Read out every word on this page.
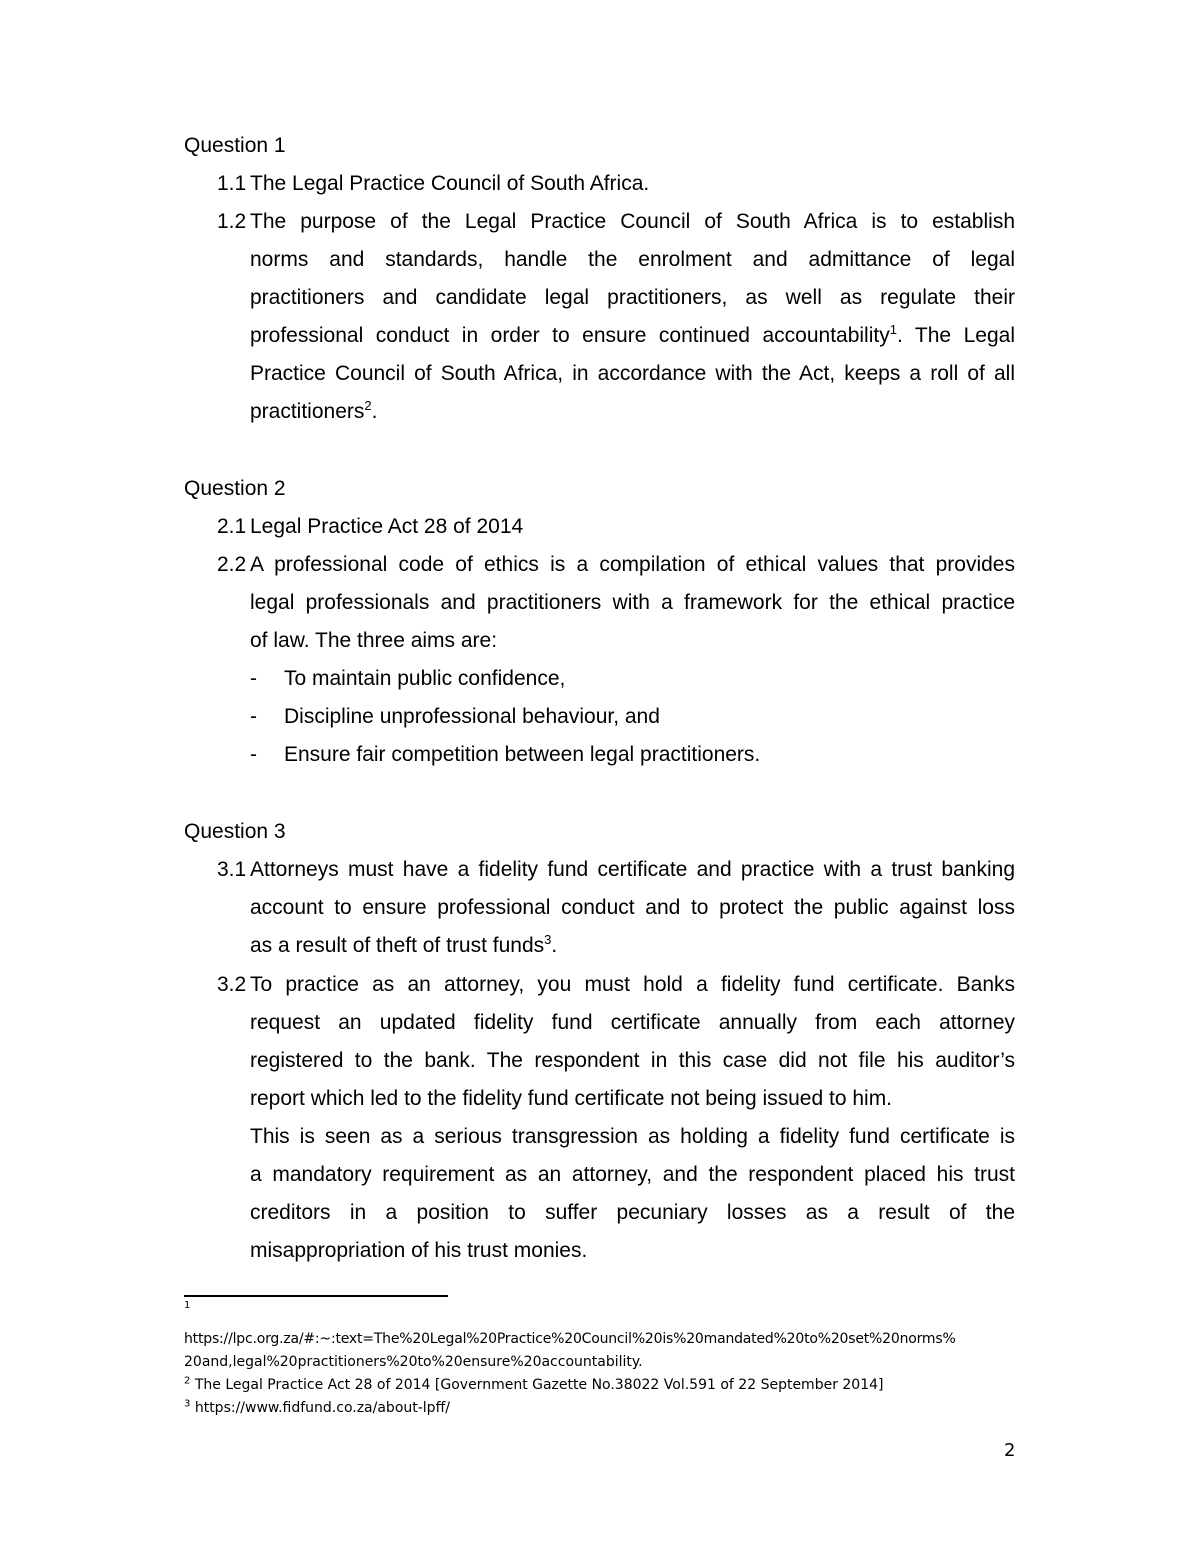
Question 1
1.1 The Legal Practice Council of South Africa.
1.2 The purpose of the Legal Practice Council of South Africa is to establish
norms and standards, handle the enrolment and admittance of legal
practitioners and candidate legal practitioners, as well as regulate their
professional conduct in order to ensure continued accountability$^1$. The Legal
Practice Council of South Africa, in accordance with the Act, keeps a roll of all
practitioners$^2$.
Question 2
2.1 Legal Practice Act 28 of 2014
2.2 A professional code of ethics is a compilation of ethical values that provides
legal professionals and practitioners with a framework for the ethical practice
of law. The three aims are:
- To maintain public confidence,
- Discipline unprofessional behaviour, and
- Ensure fair competition between legal practitioners.
Question 3
3.1 Attorneys must have a fidelity fund certificate and practice with a trust banking
account to ensure professional conduct and to protect the public against loss
as a result of theft of trust funds$^3$.
3.2 To practice as an attorney, you must hold a fidelity fund certificate. Banks
request an updated fidelity fund certificate annually from each attorney
registered to the bank. The respondent in this case did not file his auditor’s
report which led to the fidelity fund certificate not being issued to him.
This is seen as a serious transgression as holding a fidelity fund certificate is
a mandatory requirement as an attorney, and the respondent placed his trust
creditors in a position to suffer pecuniary losses as a result of the
misappropriation of his trust monies.
1
https://lpc.org.za/#:~:text=The%20Legal%20Practice%20Council%20is%20mandated%20to%20set%20norms%
20and,legal%20practitioners%20to%20ensure%20accountability.
$^2$ The Legal Practice Act 28 of 2014 [Government Gazette No.38022 Vol.591 of 22 September 2014]
$^3$ https://www.fidfund.co.za/about-lpff/
2
